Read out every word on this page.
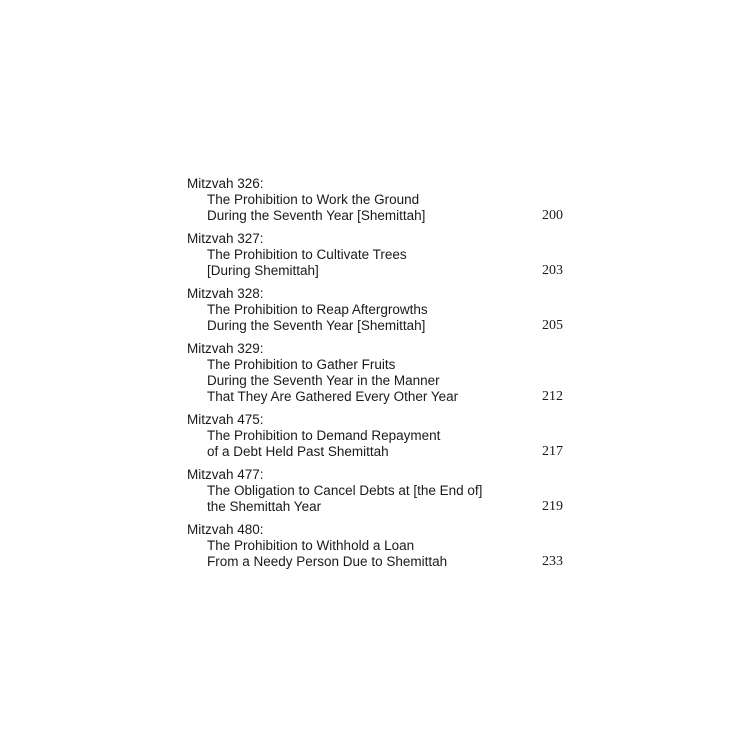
Mitzvah 326:
The Prohibition to Work the Ground
During the Seventh Year [Shemittah]	200
Mitzvah 327:
The Prohibition to Cultivate Trees
[During Shemittah]	203
Mitzvah 328:
The Prohibition to Reap Aftergrowths
During the Seventh Year [Shemittah]	205
Mitzvah 329:
The Prohibition to Gather Fruits
During the Seventh Year in the Manner
That They Are Gathered Every Other Year	212
Mitzvah 475:
The Prohibition to Demand Repayment
of a Debt Held Past Shemittah	217
Mitzvah 477:
The Obligation to Cancel Debts at [the End of]
the Shemittah Year	219
Mitzvah 480:
The Prohibition to Withhold a Loan
From a Needy Person Due to Shemittah	233
